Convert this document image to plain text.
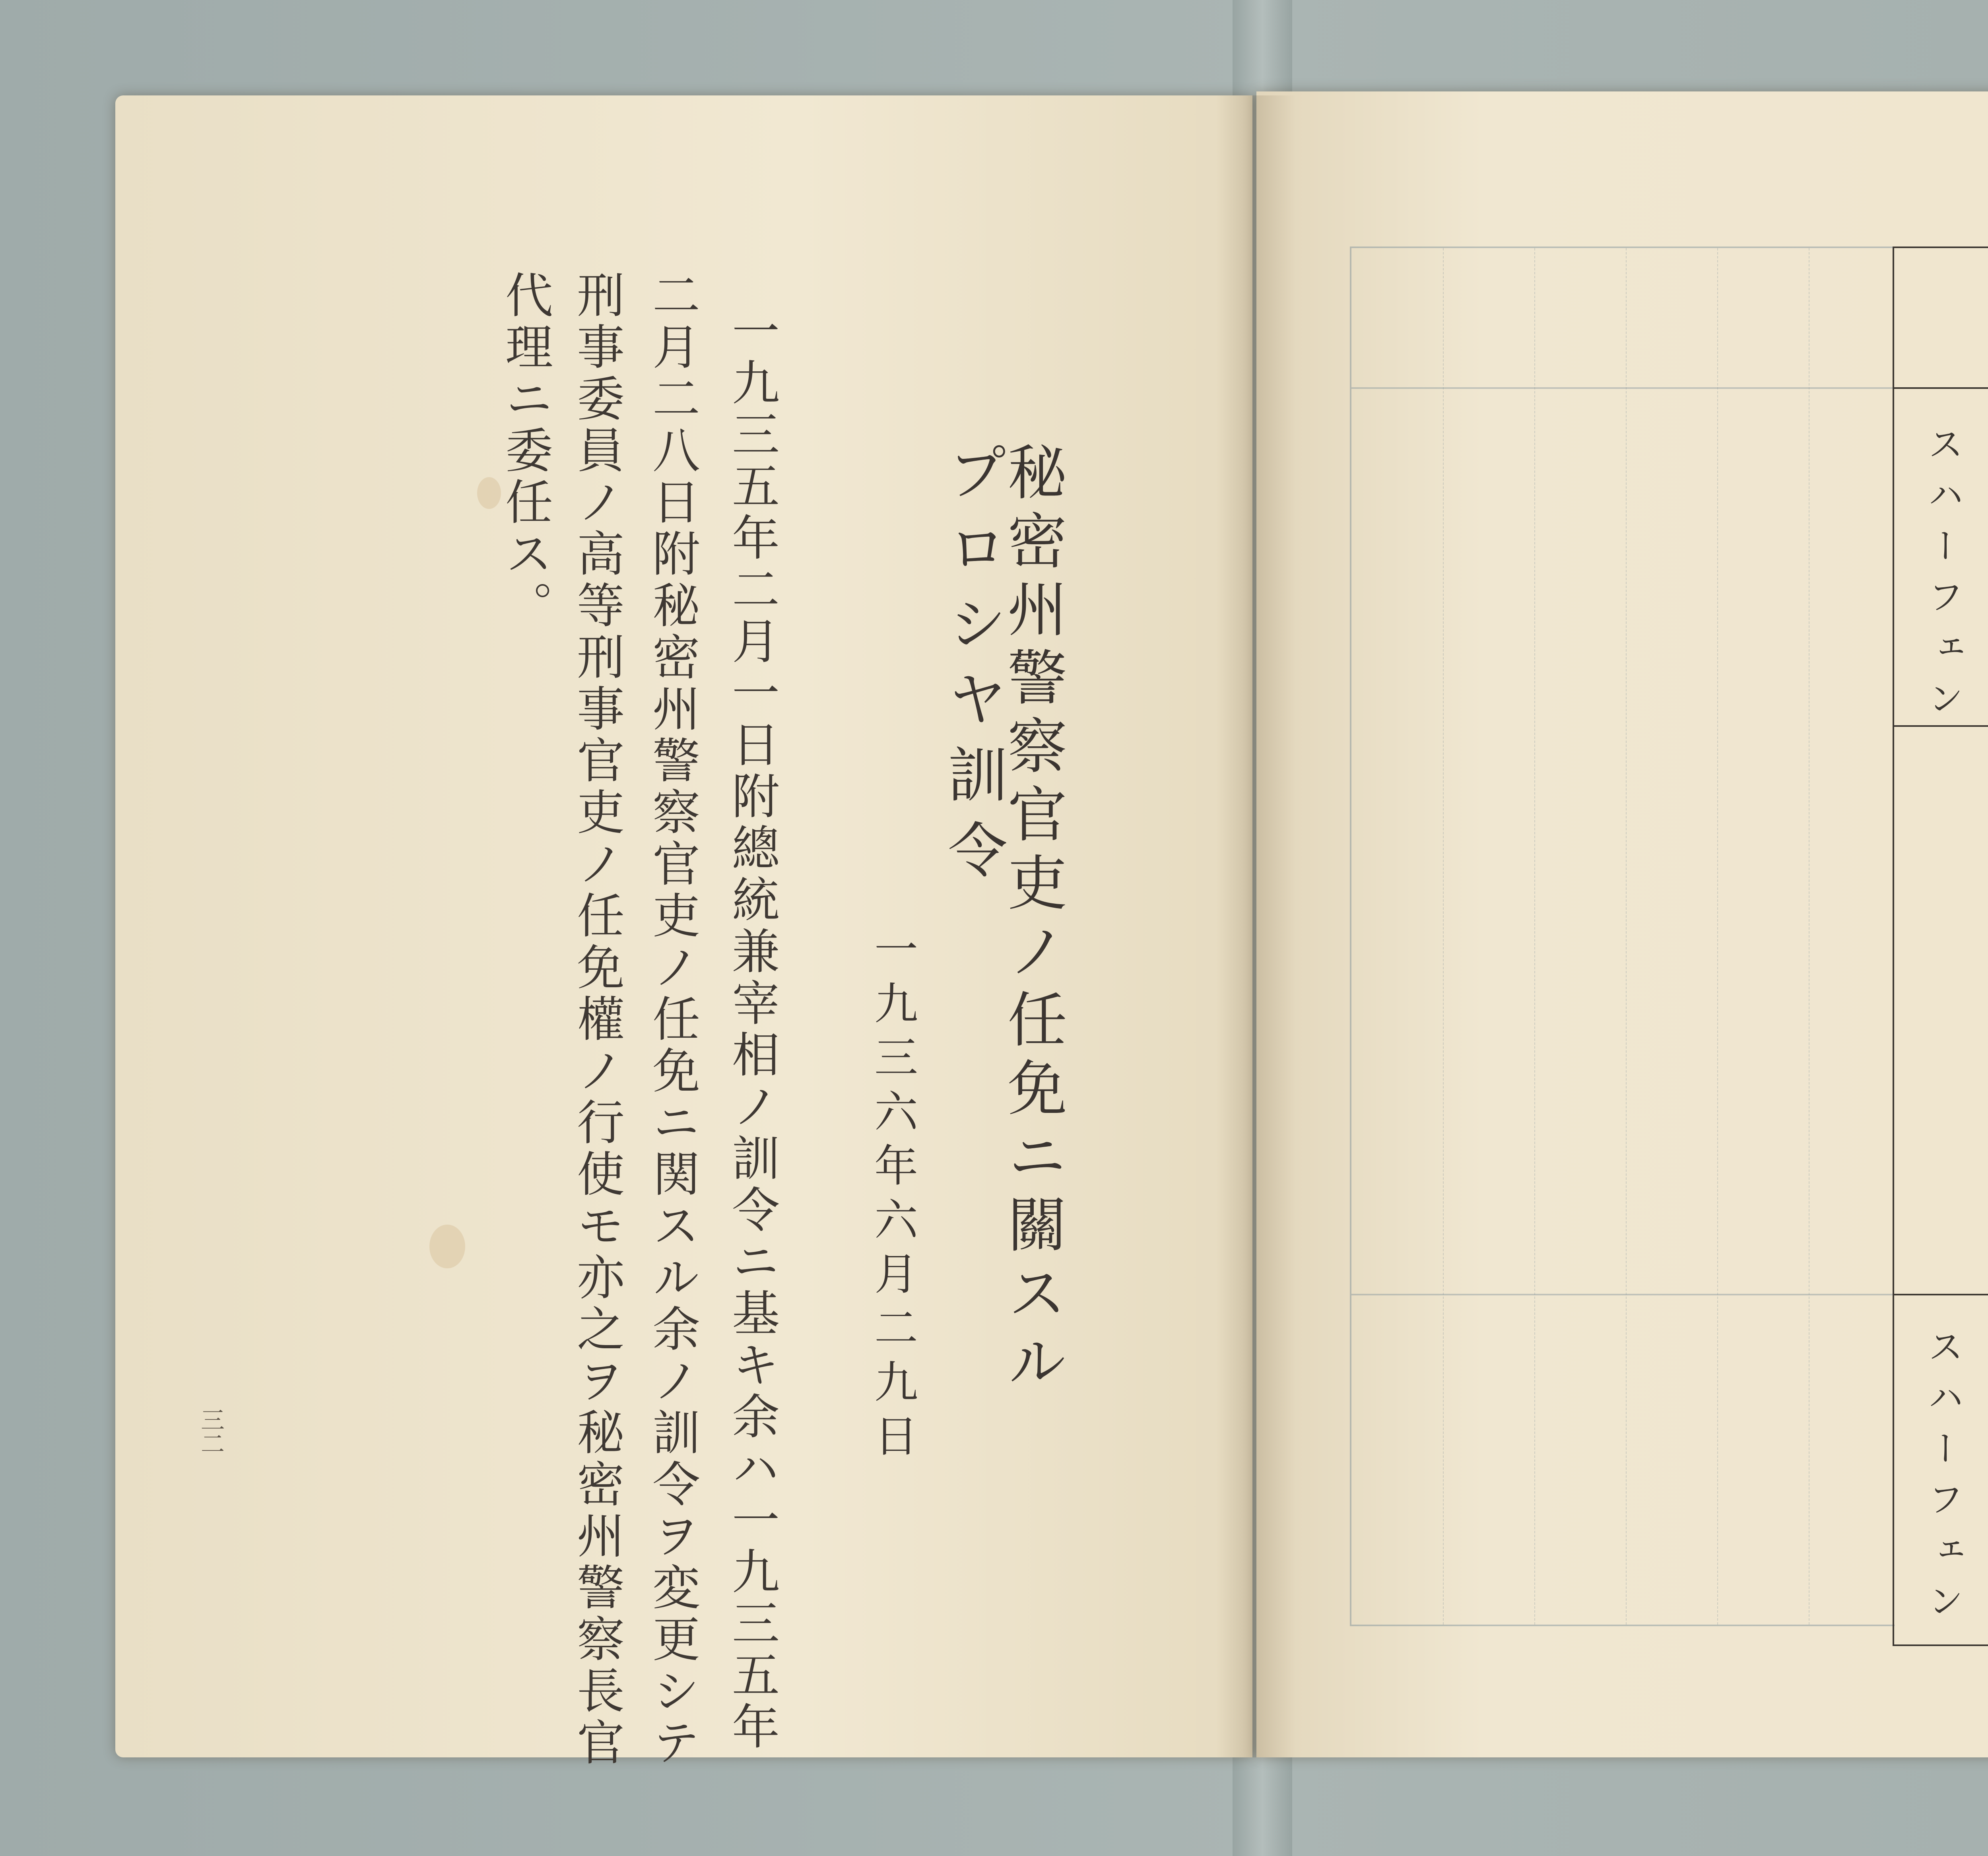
秘密州警察官吏ノ任免ニ關スル
プロシヤ訓令
一九三六年六月二九日
一九三五年二月一日附總統兼宰相ノ訓令ニ基キ余ハ一九三五年
二月二八日附秘密州警察官吏ノ任免ニ関スル余ノ訓令ヲ変更シテ
刑事委員ノ高等刑事官吏ノ任免權ノ行使モ亦之ヲ秘密州警察長官
代理ニ委任ス。
三二
スハーフェン
スハーフェン
